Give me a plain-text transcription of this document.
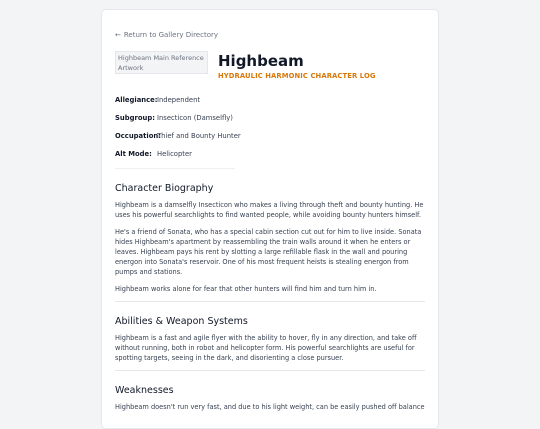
← Return to Gallery Directory
Highbeam Main Reference Artwork	Highbeam
HYDRAULIC HARMONIC CHARACTER LOG
Allegiance: Independent
Subgroup: Insecticon (Damselfly)
Occupation:
Thief and Bounty Hunter
Alt Mode: Helicopter
Character Biography

Highbeam is a damselfly Insecticon who makes a living through theft and bounty hunting. He uses his powerful searchlights to find wanted people, while avoiding bounty hunters himself.

He's a friend of Sonata, who has a special cabin section cut out for him to live inside. Sonata hides Highbeam's apartment by reassembling the train walls around it when he enters or leaves. Highbeam pays his rent by slotting a large refillable flask in the wall and pouring energon into Sonata's reservoir. One of his most frequent heists is stealing energon from pumps and stations.

Highbeam works alone for fear that other hunters will find him and turn him in.

Abilities & Weapon Systems

Highbeam is a fast and agile flyer with the ability to hover, fly in any direction, and take off without running, both in robot and helicopter form. His powerful searchlights are useful for spotting targets, seeing in the dark, and disorienting a close pursuer.

Weaknesses

Highbeam doesn't run very fast, and due to his light weight, can be easily pushed off balance
